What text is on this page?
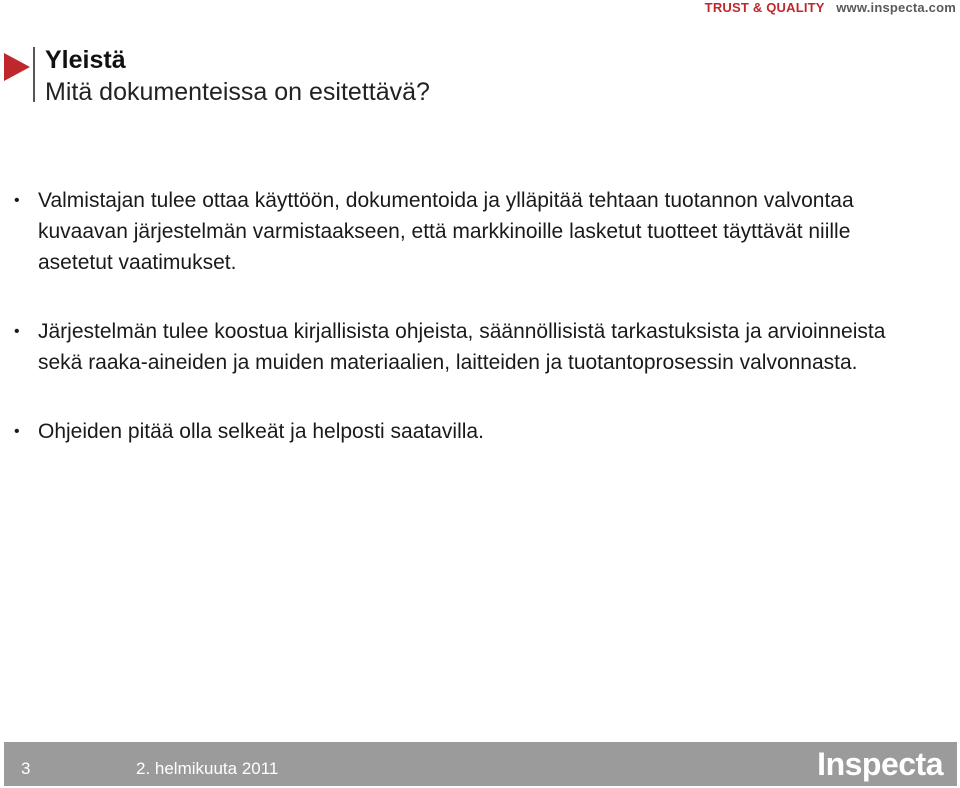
TRUST & QUALITY www.inspecta.com
Yleistä
Mitä dokumenteissa on esitettävä?
• Valmistajan tulee ottaa käyttöön, dokumentoida ja ylläpitää tehtaan tuotannon valvontaa kuvaavan järjestelmän varmistaakseen, että markkinoille lasketut tuotteet täyttävät niille asetetut vaatimukset.
• Järjestelmän tulee koostua kirjallisista ohjeista, säännöllisistä tarkastuksista ja arvioinneista sekä raaka-aineiden ja muiden materiaalien, laitteiden ja tuotantoprosessin valvonnasta.
• Ohjeiden pitää olla selkeät ja helposti saatavilla.
3	2. helmikuuta 2011	Inspecta
